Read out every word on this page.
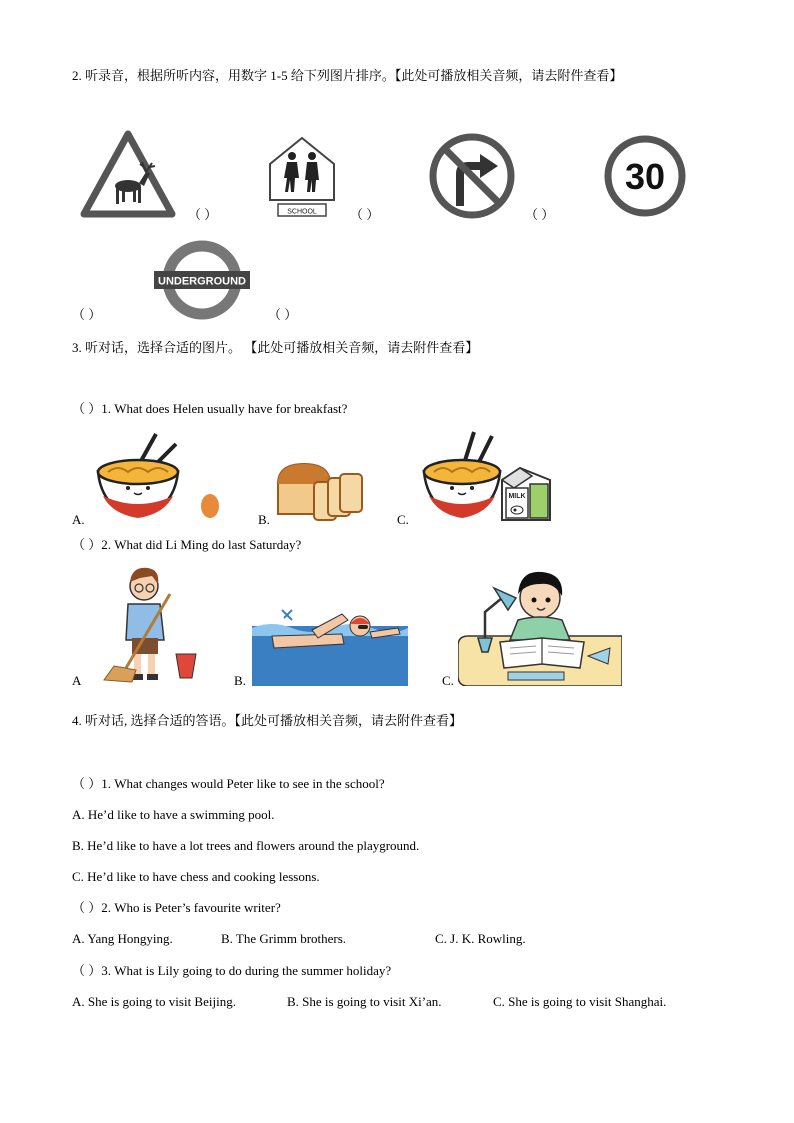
2. 听录音，根据所听内容，用数字 1-5 给下列图片排序。【此处可播放相关音频，请去附件查看】
（ ）	SCHOOL	（ ）	（ ）
30
UNDERGROUND
（ ）	（ ）
3. 听对话，选择合适的图片。 【此处可播放相关音频，请去附件查看】
（ ）1. What does Helen usually have for breakfast?
A.	B.
MILK
C.
（ ）2. What did Li Ming do last Saturday?
A	B.	C.
4. 听对话, 选择合适的答语。【此处可播放相关音频，请去附件查看】
（ ）1. What changes would Peter like to see in the school?
A. He’d like to have a swimming pool.
B. He’d like to have a lot trees and flowers around the playground.
C. He’d like to have chess and cooking lessons.
（ ）2. Who is Peter’s favourite writer?
A. Yang Hongying.	B. The Grimm brothers.	C. J. K. Rowling.
（ ）3. What is Lily going to do during the summer holiday?
A. She is going to visit Beijing.	B. She is going to visit Xi’an.	C. She is going to visit Shanghai.
